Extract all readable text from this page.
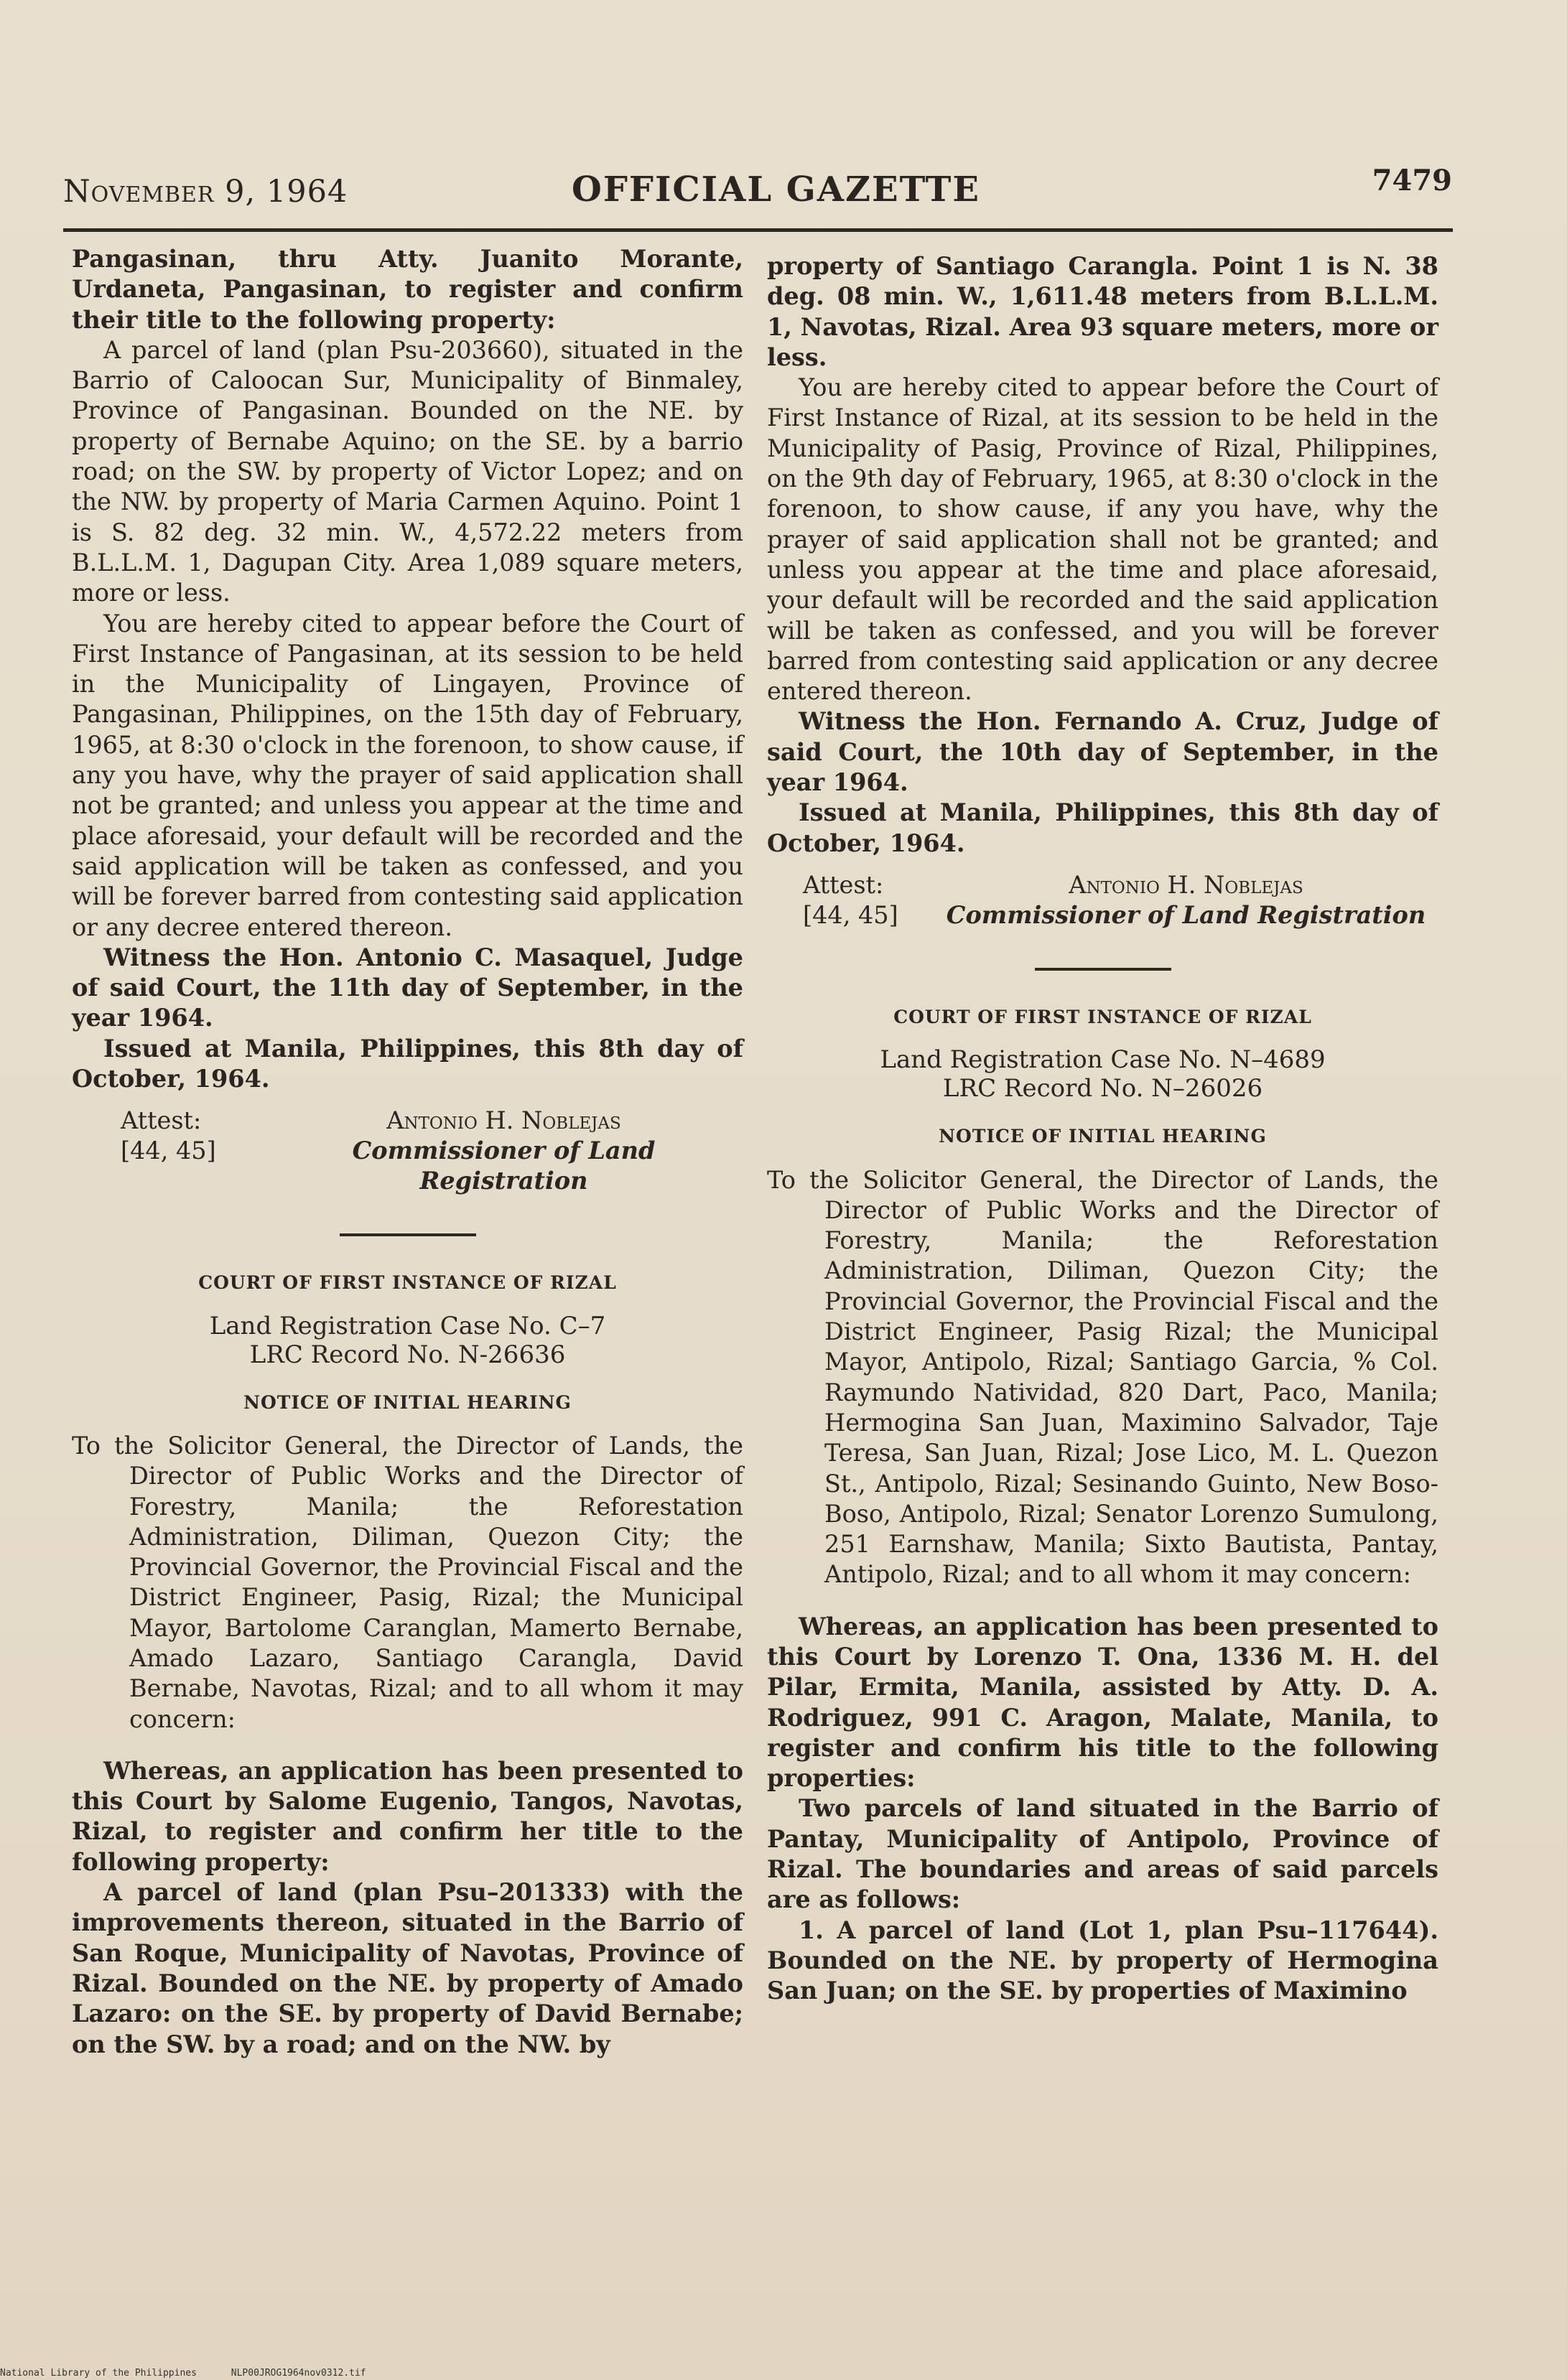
November 9, 1964	OFFICIAL GAZETTE	7479

Pangasinan, thru Atty. Juanito Morante, Urdaneta, Pangasinan, to register and confirm their title to the following property:

A parcel of land (plan Psu-203660), situated in the Barrio of Caloocan Sur, Municipality of Binmaley, Province of Pangasinan. Bounded on the NE. by property of Bernabe Aquino; on the SE. by a barrio road; on the SW. by property of Victor Lopez; and on the NW. by property of Maria Carmen Aquino. Point 1 is S. 82 deg. 32 min. W., 4,572.22 meters from B.L.L.M. 1, Dagupan City. Area 1,089 square meters, more or less.

You are hereby cited to appear before the Court of First Instance of Pangasinan, at its session to be held in the Municipality of Lingayen, Province of Pangasinan, Philippines, on the 15th day of February, 1965, at 8:30 o'clock in the forenoon, to show cause, if any you have, why the prayer of said application shall not be granted; and unless you appear at the time and place aforesaid, your default will be recorded and the said application will be taken as confessed, and you will be forever barred from contesting said application or any decree entered thereon.

Witness the Hon. Antonio C. Masaquel, Judge of said Court, the 11th day of September, in the year 1964.

Issued at Manila, Philippines, this 8th day of October, 1964.

Attest:
[44, 45]
Antonio H. Noblejas
Commissioner of Land Registration
COURT OF FIRST INSTANCE OF RIZAL
Land Registration Case No. C–7
LRC Record No. N-26636
NOTICE OF INITIAL HEARING

To the Solicitor General, the Director of Lands, the Director of Public Works and the Director of Forestry, Manila; the Reforestation Administration, Diliman, Quezon City; the Provincial Governor, the Provincial Fiscal and the District Engineer, Pasig, Rizal; the Municipal Mayor, Bartolome Caranglan, Mamerto Bernabe, Amado Lazaro, Santiago Carangla, David Bernabe, Navotas, Rizal; and to all whom it may concern:

Whereas, an application has been presented to this Court by Salome Eugenio, Tangos, Navotas, Rizal, to register and confirm her title to the following property:

A parcel of land (plan Psu–201333) with the improvements thereon, situated in the Barrio of San Roque, Municipality of Navotas, Province of Rizal. Bounded on the NE. by property of Amado Lazaro: on the SE. by property of David Bernabe; on the SW. by a road; and on the NW. by

property of Santiago Carangla. Point 1 is N. 38 deg. 08 min. W., 1,611.48 meters from B.L.L.M. 1, Navotas, Rizal. Area 93 square meters, more or less.

You are hereby cited to appear before the Court of First Instance of Rizal, at its session to be held in the Municipality of Pasig, Province of Rizal, Philippines, on the 9th day of February, 1965, at 8:30 o'clock in the forenoon, to show cause, if any you have, why the prayer of said application shall not be granted; and unless you appear at the time and place aforesaid, your default will be recorded and the said application will be taken as confessed, and you will be forever barred from contesting said application or any decree entered thereon.

Witness the Hon. Fernando A. Cruz, Judge of said Court, the 10th day of September, in the year 1964.

Issued at Manila, Philippines, this 8th day of October, 1964.

Attest:
[44, 45]
Antonio H. Noblejas
Commissioner of Land Registration
COURT OF FIRST INSTANCE OF RIZAL
Land Registration Case No. N–4689
LRC Record No. N–26026
NOTICE OF INITIAL HEARING

To the Solicitor General, the Director of Lands, the Director of Public Works and the Director of Forestry, Manila; the Reforestation Administration, Diliman, Quezon City; the Provincial Governor, the Provincial Fiscal and the District Engineer, Pasig Rizal; the Municipal Mayor, Antipolo, Rizal; Santiago Garcia, % Col. Raymundo Natividad, 820 Dart, Paco, Manila; Hermogina San Juan, Maximino Salvador, Taje Teresa, San Juan, Rizal; Jose Lico, M. L. Quezon St., Antipolo, Rizal; Sesinando Guinto, New Boso-Boso, Antipolo, Rizal; Senator Lorenzo Sumulong, 251 Earnshaw, Manila; Sixto Bautista, Pantay, Antipolo, Rizal; and to all whom it may concern:

Whereas, an application has been presented to this Court by Lorenzo T. Ona, 1336 M. H. del Pilar, Ermita, Manila, assisted by Atty. D. A. Rodriguez, 991 C. Aragon, Malate, Manila, to register and confirm his title to the following properties:

Two parcels of land situated in the Barrio of Pantay, Municipality of Antipolo, Province of Rizal. The boundaries and areas of said parcels are as follows:

1. A parcel of land (Lot 1, plan Psu–117644). Bounded on the NE. by property of Hermogina San Juan; on the SE. by properties of Maximino

National Library of the Philippines	NLP00JROG1964nov0312.tif
